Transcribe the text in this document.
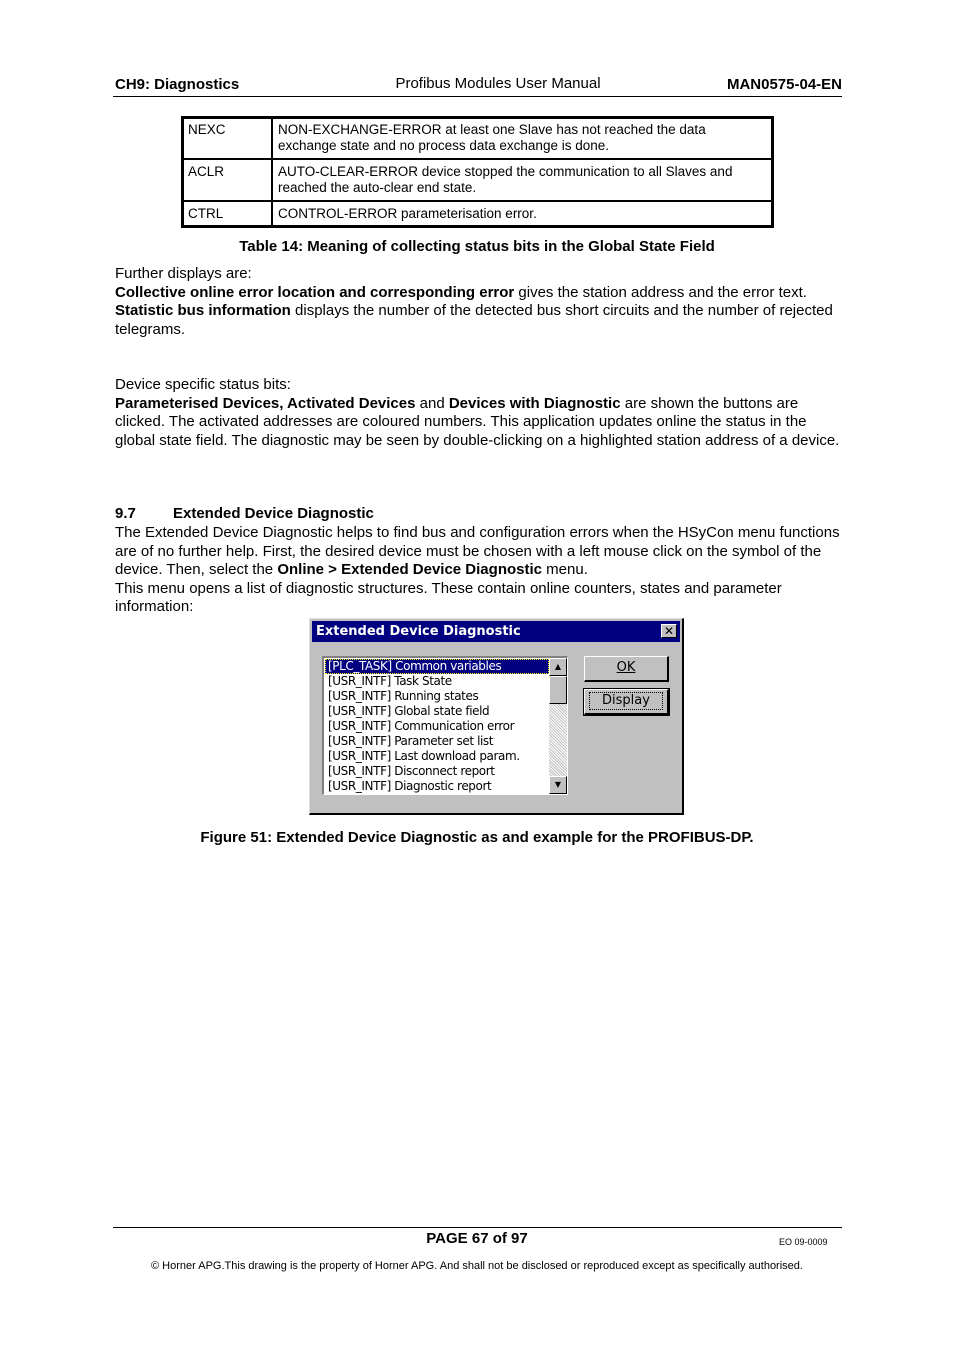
CH9: Diagnostics	Profibus Modules User Manual	MAN0575-04-EN
NEXC	NON-EXCHANGE-ERROR at least one Slave has not reached the data exchange state and no process data exchange is done.
ACLR	AUTO-CLEAR-ERROR device stopped the communication to all Slaves and reached the auto-clear end state.
CTRL	CONTROL-ERROR parameterisation error.
Table 14: Meaning of collecting status bits in the Global State Field

Further displays are:

Collective online error location and corresponding error gives the station address and the error text.

Statistic bus information displays the number of the detected bus short circuits and the number of rejected telegrams.

Device specific status bits:

Parameterised Devices, Activated Devices and Devices with Diagnostic are shown the buttons are clicked. The activated addresses are coloured numbers. This application updates online the status in the global state field. The diagnostic may be seen by double-clicking on a highlighted station address of a device.

9.7 Extended Device Diagnostic

The Extended Device Diagnostic helps to find bus and configuration errors when the HSyCon menu functions are of no further help. First, the desired device must be chosen with a left mouse click on the symbol of the device. Then, select the Online > Extended Device Diagnostic menu.

This menu opens a list of diagnostic structures. These contain online counters, states and parameter information:

Extended Device Diagnostic	✕
[PLC_TASK] Common variables
[USR_INTF] Task State
[USR_INTF] Running states
[USR_INTF] Global state field
[USR_INTF] Communication error
[USR_INTF] Parameter set list
[USR_INTF] Last download param.
[USR_INTF] Disconnect report
[USR_INTF] Diagnostic report
▲
▼
OK
Display
Figure 51: Extended Device Diagnostic as and example for the PROFIBUS-DP.
PAGE 67 of 97	EO 09-0009
© Horner APG.This drawing is the property of Horner APG. And shall not be disclosed or reproduced except as specifically authorised.
